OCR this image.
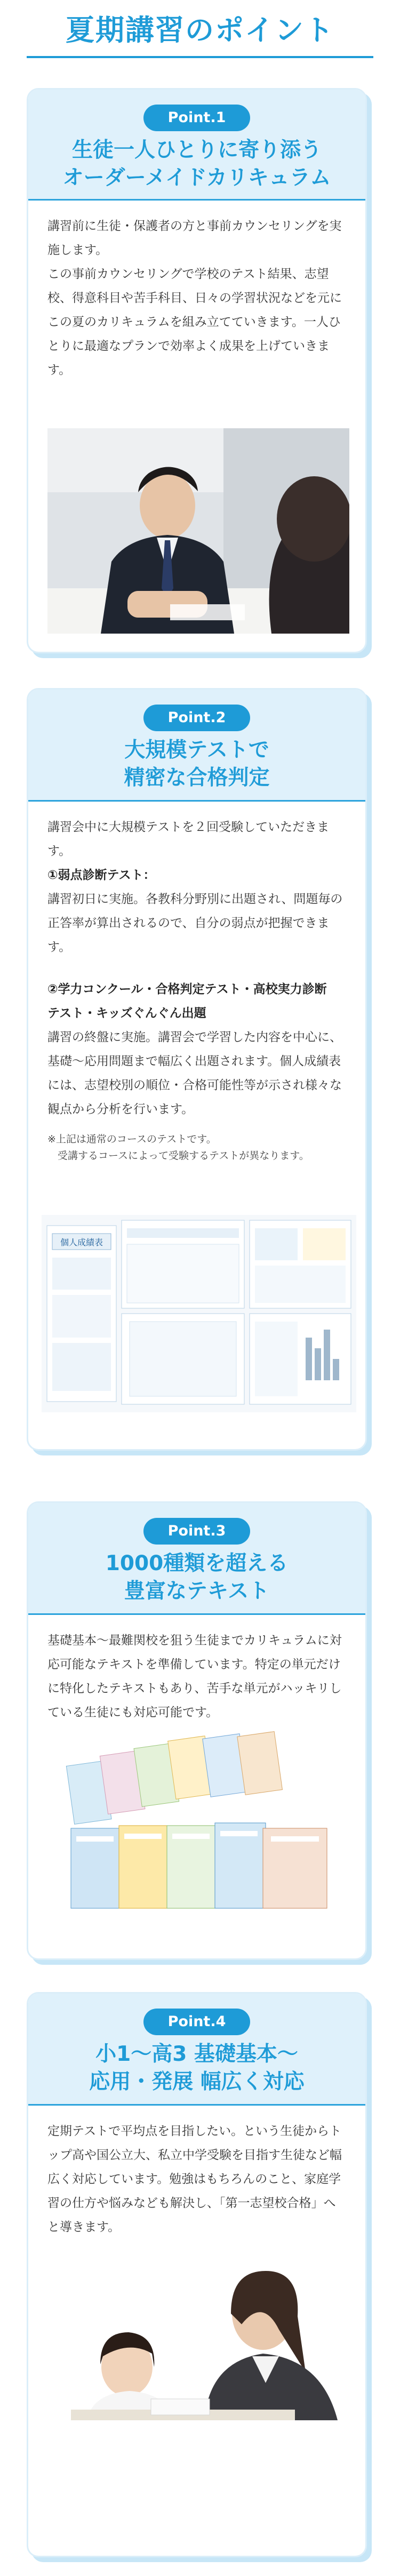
夏期講習のポイント
Point.1
生徒一人ひとりに寄り添う
オーダーメイドカリキュラム

講習前に生徒・保護者の方と事前カウンセリングを実施します。

この事前カウンセリングで学校のテスト結果、志望校、得意科目や苦手科目、日々の学習状況などを元にこの夏のカリキュラムを組み立てていきます。一人ひとりに最適なプランで効率よく成果を上げていきます。

Point.2
大規模テストで
精密な合格判定

講習会中に大規模テストを２回受験していただきます。

①弱点診断テスト：

講習初日に実施。各教科分野別に出題され、問題毎の正答率が算出されるので、自分の弱点が把握できます。

②学力コンクール・合格判定テスト・高校実力診断　テスト・キッズぐんぐん出題

講習の終盤に実施。講習会で学習した内容を中心に、基礎〜応用問題まで幅広く出題されます。個人成績表には、志望校別の順位・合格可能性等が示され様々な観点から分析を行います。

※上記は通常のコースのテストです。
　受講するコースによって受験するテストが異なります。
個人成績表
Point.3
1000種類を超える
豊富なテキスト

基礎基本〜最難関校を狙う生徒までカリキュラムに対応可能なテキストを準備しています。特定の単元だけに特化したテキストもあり、苦手な単元がハッキリしている生徒にも対応可能です。

Point.4
小1〜高3 基礎基本〜
応用・発展 幅広く対応

定期テストで平均点を目指したい。という生徒からトップ高や国公立大、私立中学受験を目指す生徒など幅広く対応しています。勉強はもちろんのこと、家庭学習の仕方や悩みなども解決し、「第一志望校合格」へと導きます。
